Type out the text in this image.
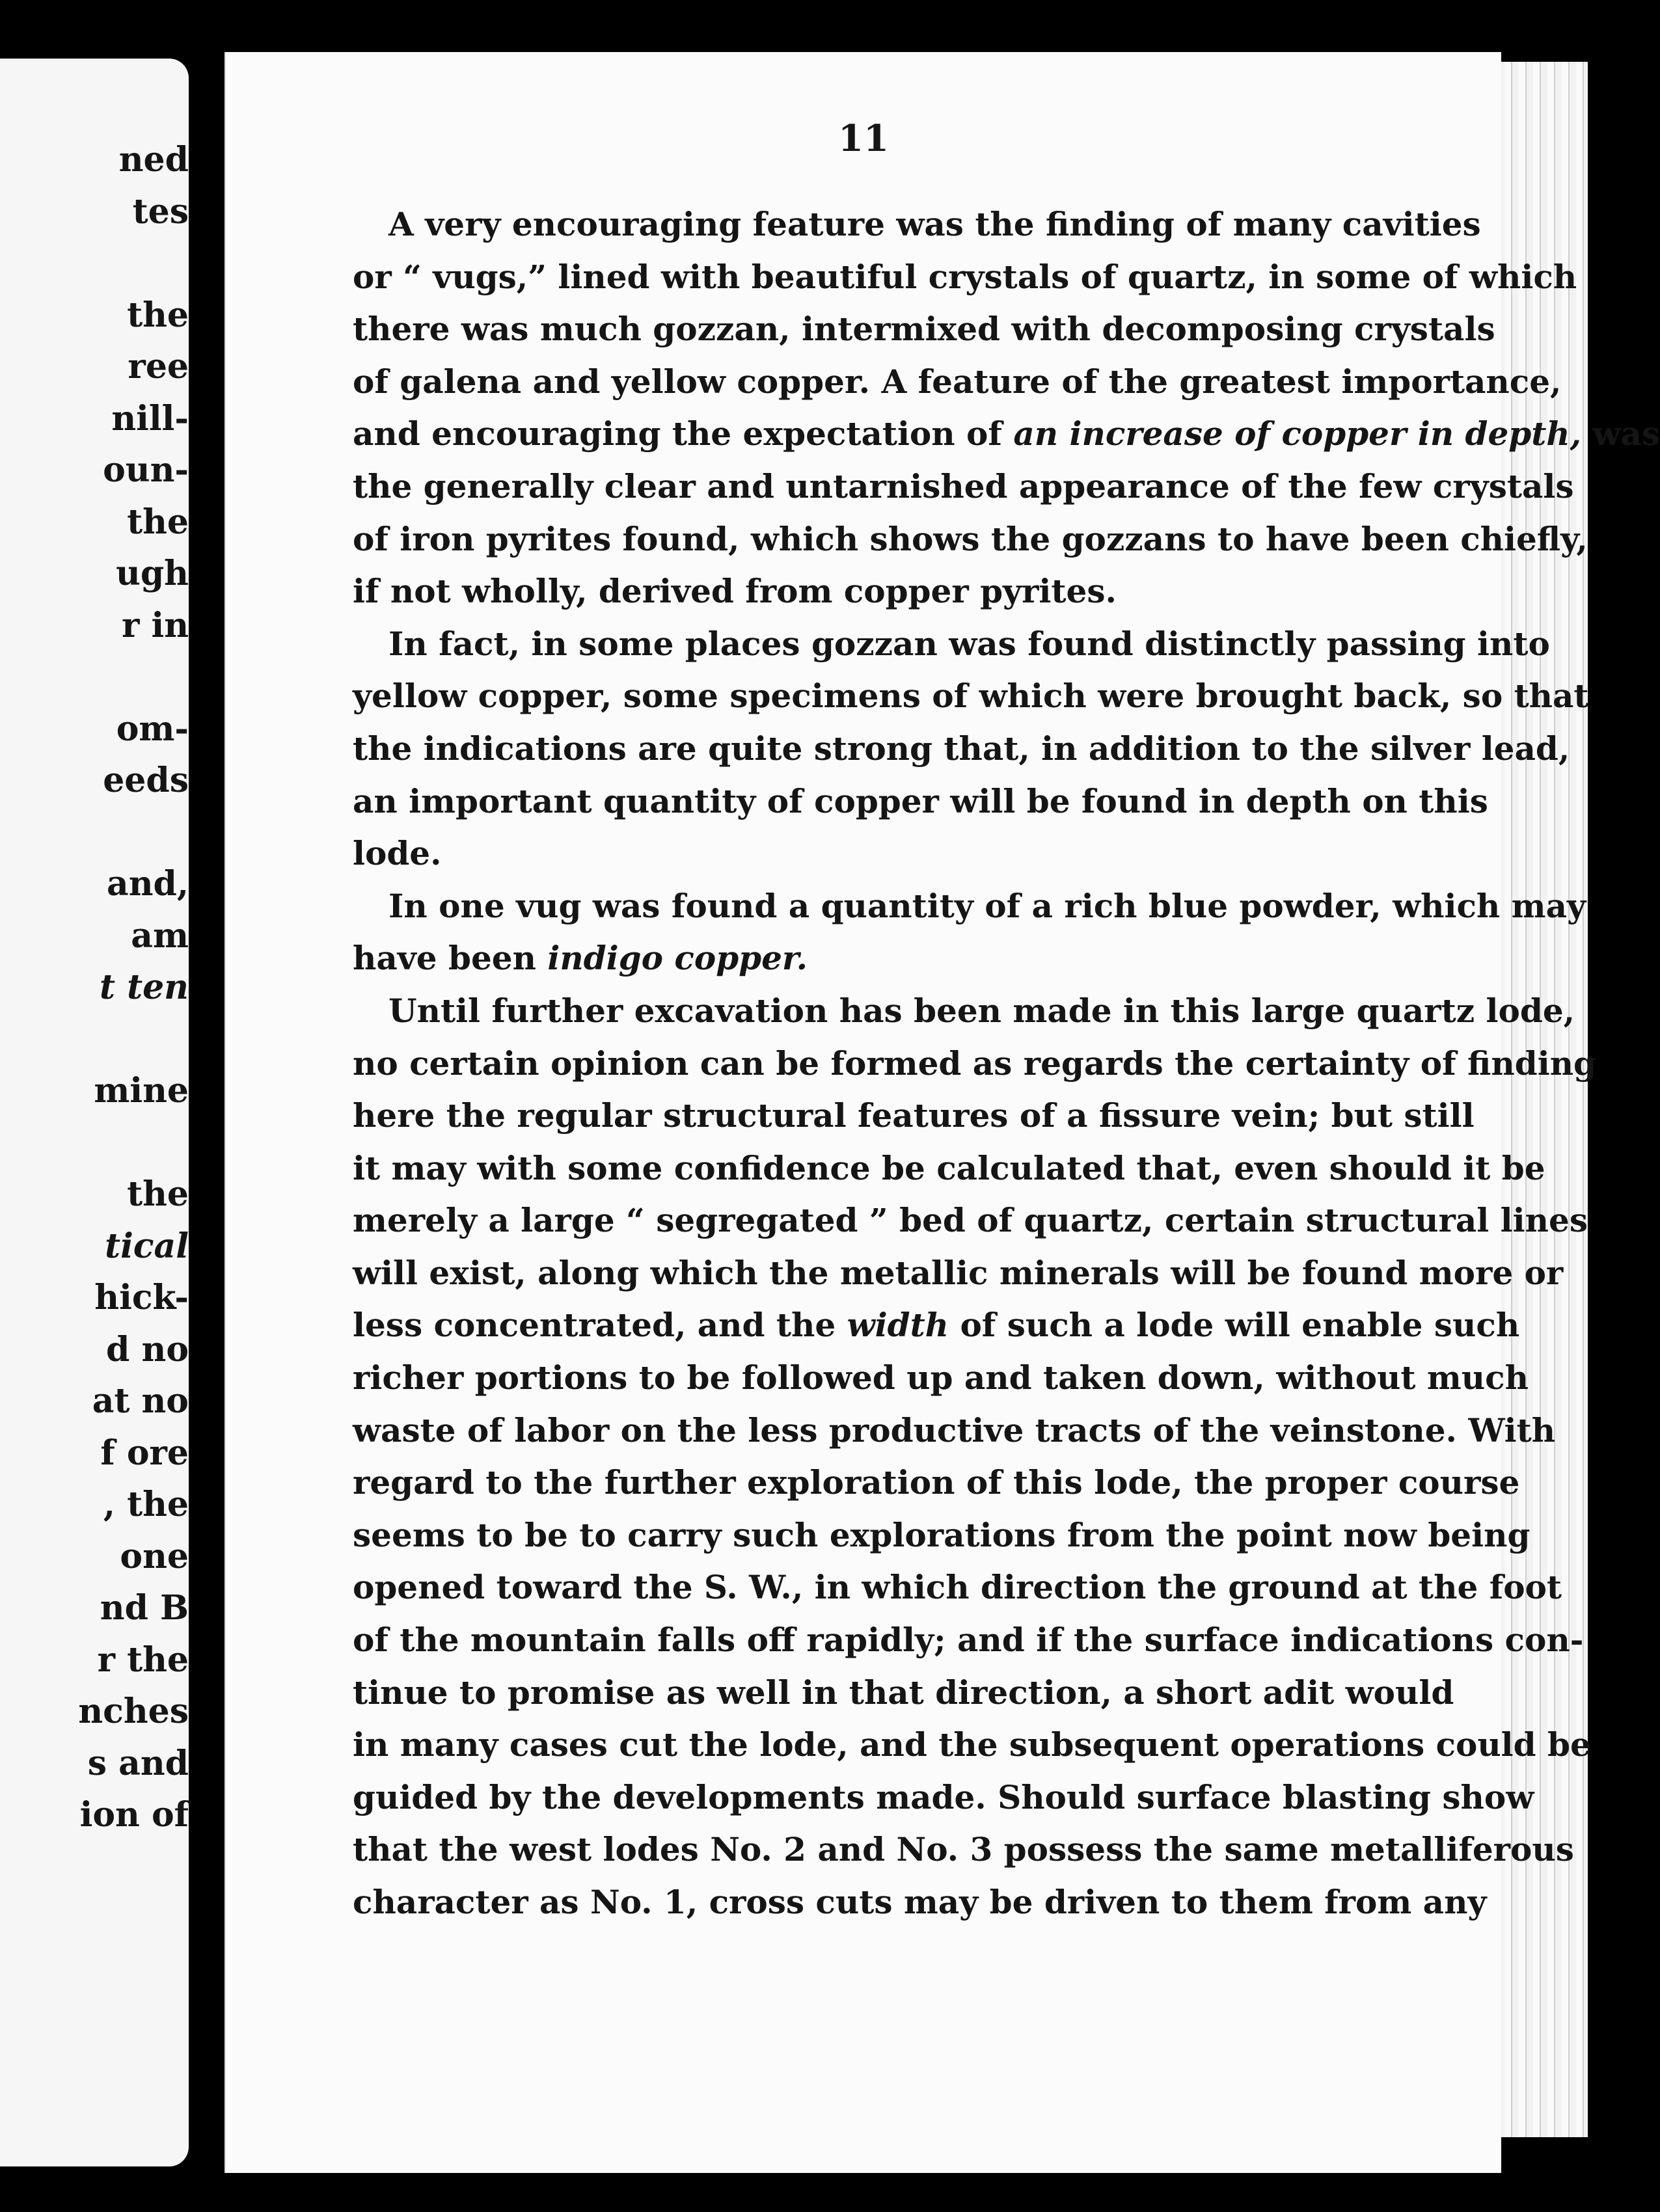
ned
tes
the
ree
nill-
oun-
the
ugh
r in
om-
eeds
and,
am
t ten
mine
the
tical
hick-
d no
at no
f ore
, the
one
nd B
r the
nches
s and
ion of
11
A very encouraging feature was the finding of many cavities
or “ vugs,” lined with beautiful crystals of quartz, in some of which
there was much gozzan, intermixed with decomposing crystals
of galena and yellow copper. A feature of the greatest importance,
and encouraging the expectation of an increase of copper in depth, was
the generally clear and untarnished appearance of the few crystals
of iron pyrites found, which shows the gozzans to have been chiefly,
if not wholly, derived from copper pyrites.
In fact, in some places gozzan was found distinctly passing into
yellow copper, some specimens of which were brought back, so that
the indications are quite strong that, in addition to the silver lead,
an important quantity of copper will be found in depth on this
lode.
In one vug was found a quantity of a rich blue powder, which may
have been indigo copper.
Until further excavation has been made in this large quartz lode,
no certain opinion can be formed as regards the certainty of finding
here the regular structural features of a fissure vein; but still
it may with some confidence be calculated that, even should it be
merely a large “ segregated ” bed of quartz, certain structural lines
will exist, along which the metallic minerals will be found more or
less concentrated, and the width of such a lode will enable such
richer portions to be followed up and taken down, without much
waste of labor on the less productive tracts of the veinstone. With
regard to the further exploration of this lode, the proper course
seems to be to carry such explorations from the point now being
opened toward the S. W., in which direction the ground at the foot
of the mountain falls off rapidly; and if the surface indications con-
tinue to promise as well in that direction, a short adit would
in many cases cut the lode, and the subsequent operations could be
guided by the developments made. Should surface blasting show
that the west lodes No. 2 and No. 3 possess the same metalliferous
character as No. 1, cross cuts may be driven to them from any
